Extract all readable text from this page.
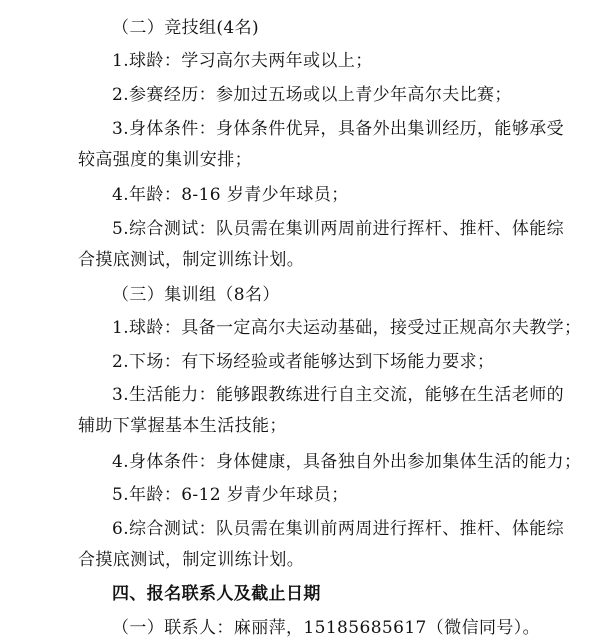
（二）竞技组(4名)
1.球龄：学习高尔夫两年或以上；
2.参赛经历：参加过五场或以上青少年高尔夫比赛；
3.身体条件：身体条件优异，具备外出集训经历，能够承受
较高强度的集训安排；
4.年龄：8-16 岁青少年球员；
5.综合测试：队员需在集训两周前进行挥杆、推杆、体能综
合摸底测试，制定训练计划。
（三）集训组（8名）
1.球龄：具备一定高尔夫运动基础，接受过正规高尔夫教学；
2.下场：有下场经验或者能够达到下场能力要求；
3.生活能力：能够跟教练进行自主交流，能够在生活老师的
辅助下掌握基本生活技能；
4.身体条件：身体健康，具备独自外出参加集体生活的能力；
5.年龄：6-12 岁青少年球员；
6.综合测试：队员需在集训前两周进行挥杆、推杆、体能综
合摸底测试，制定训练计划。
四、报名联系人及截止日期
（一）联系人：麻丽萍，15185685617（微信同号）。
